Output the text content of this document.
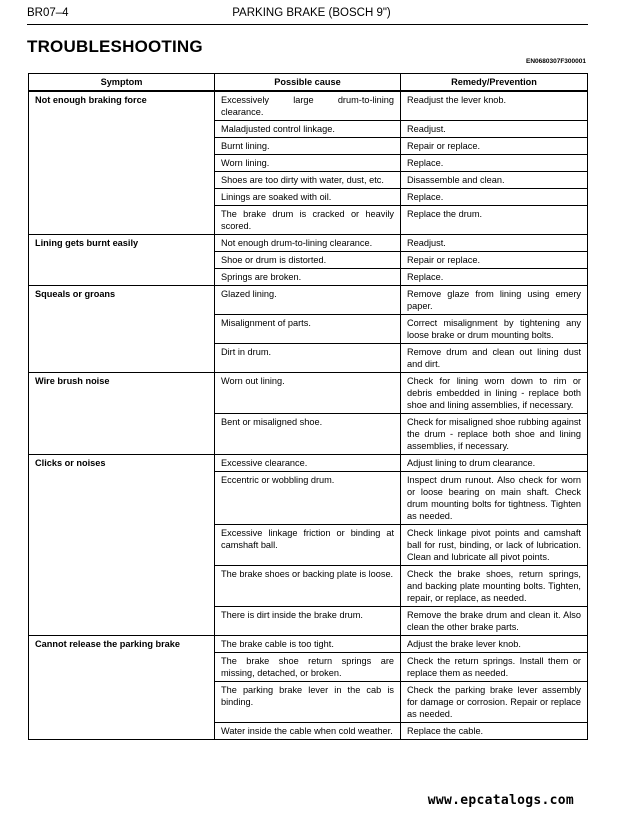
BR07–4	PARKING BRAKE (BOSCH 9")
TROUBLESHOOTING
EN0680307F300001
Symptom	Possible cause	Remedy/Prevention
Not enough braking force	Excessively large drum-to-lining clearance.	Readjust the lever knob.
	Maladjusted control linkage.	Readjust.
	Burnt lining.	Repair or replace.
	Worn lining.	Replace.
	Shoes are too dirty with water, dust, etc.	Disassemble and clean.
	Linings are soaked with oil.	Replace.
	The brake drum is cracked or heavily scored.	Replace the drum.
Lining gets burnt easily	Not enough drum-to-lining clearance.	Readjust.
	Shoe or drum is distorted.	Repair or replace.
	Springs are broken.	Replace.
Squeals or groans	Glazed lining.	Remove glaze from lining using emery paper.
	Misalignment of parts.	Correct misalignment by tightening any loose brake or drum mounting bolts.
	Dirt in drum.	Remove drum and clean out lining dust and dirt.
Wire brush noise	Worn out lining.	Check for lining worn down to rim or debris embedded in lining - replace both shoe and lining assemblies, if necessary.
	Bent or misaligned shoe.	Check for misaligned shoe rubbing against the drum - replace both shoe and lining assemblies, if necessary.
Clicks or noises	Excessive clearance.	Adjust lining to drum clearance.
	Eccentric or wobbling drum.	Inspect drum runout. Also check for worn or loose bearing on main shaft. Check drum mounting bolts for tightness. Tighten as needed.
	Excessive linkage friction or binding at camshaft ball.	Check linkage pivot points and camshaft ball for rust, binding, or lack of lubrication. Clean and lubricate all pivot points.
	The brake shoes or backing plate is loose.	Check the brake shoes, return springs, and backing plate mounting bolts. Tighten, repair, or replace, as needed.
	There is dirt inside the brake drum.	Remove the brake drum and clean it. Also clean the other brake parts.
Cannot release the parking brake	The brake cable is too tight.	Adjust the brake lever knob.
	The brake shoe return springs are missing, detached, or broken.	Check the return springs. Install them or replace them as needed.
	The parking brake lever in the cab is binding.	Check the parking brake lever assembly for damage or corrosion. Repair or replace as needed.
	Water inside the cable when cold weather.	Replace the cable.
www.epcatalogs.com
